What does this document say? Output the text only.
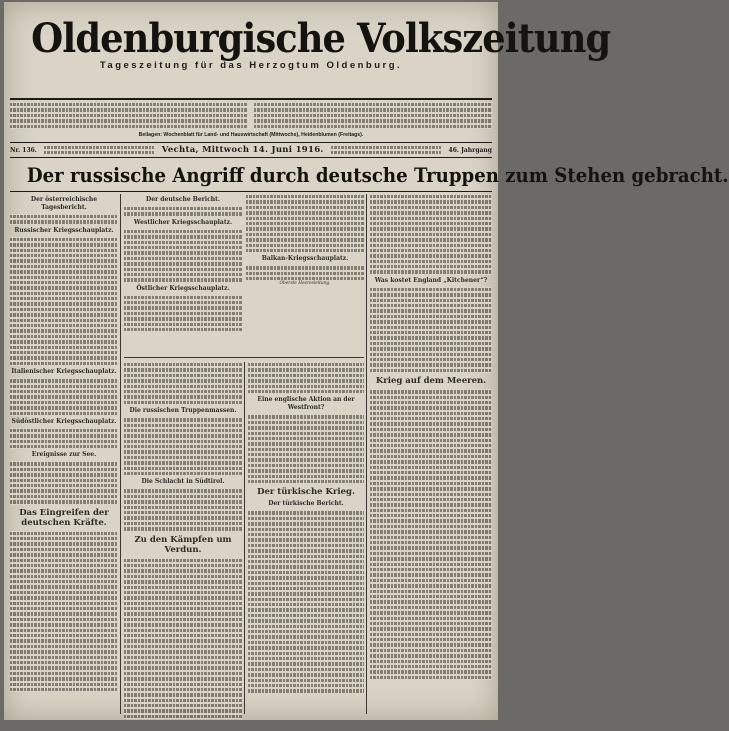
Oldenburgische Volkszeitung
Tageszeitung für das Herzogtum Oldenburg.
Beilagen: Wochenblatt für Land- und Hauswirtschaft (Mittwochs), Heidenblumen (Freitags).
Nr. 136.	Vechta, Mittwoch 14. Juni 1916.	46. Jahrgang
Der russische Angriff durch deutsche Truppen zum Stehen gebracht.
Der österreichische Tagesbericht.
Russischer Kriegsschauplatz.
Italienischer Kriegsschauplatz.
Südöstlicher Kriegsschauplatz.
Ereignisse zur See.
Das Eingreifen der deutschen Kräfte.
Der deutsche Bericht.
Westlicher Kriegsschauplatz.
Östlicher Kriegsschauplatz.
Balkan-Kriegsschauplatz.
Oberste Heeresleitung.
Was kostet England „Kitchener“?
Krieg auf dem Meeren.
Die russischen Truppenmassen.
Die Schlacht in Südtirol.
Zu den Kämpfen um Verdun.
Eine englische Aktion an der Westfront?
Der türkische Krieg.
Der türkische Bericht.
